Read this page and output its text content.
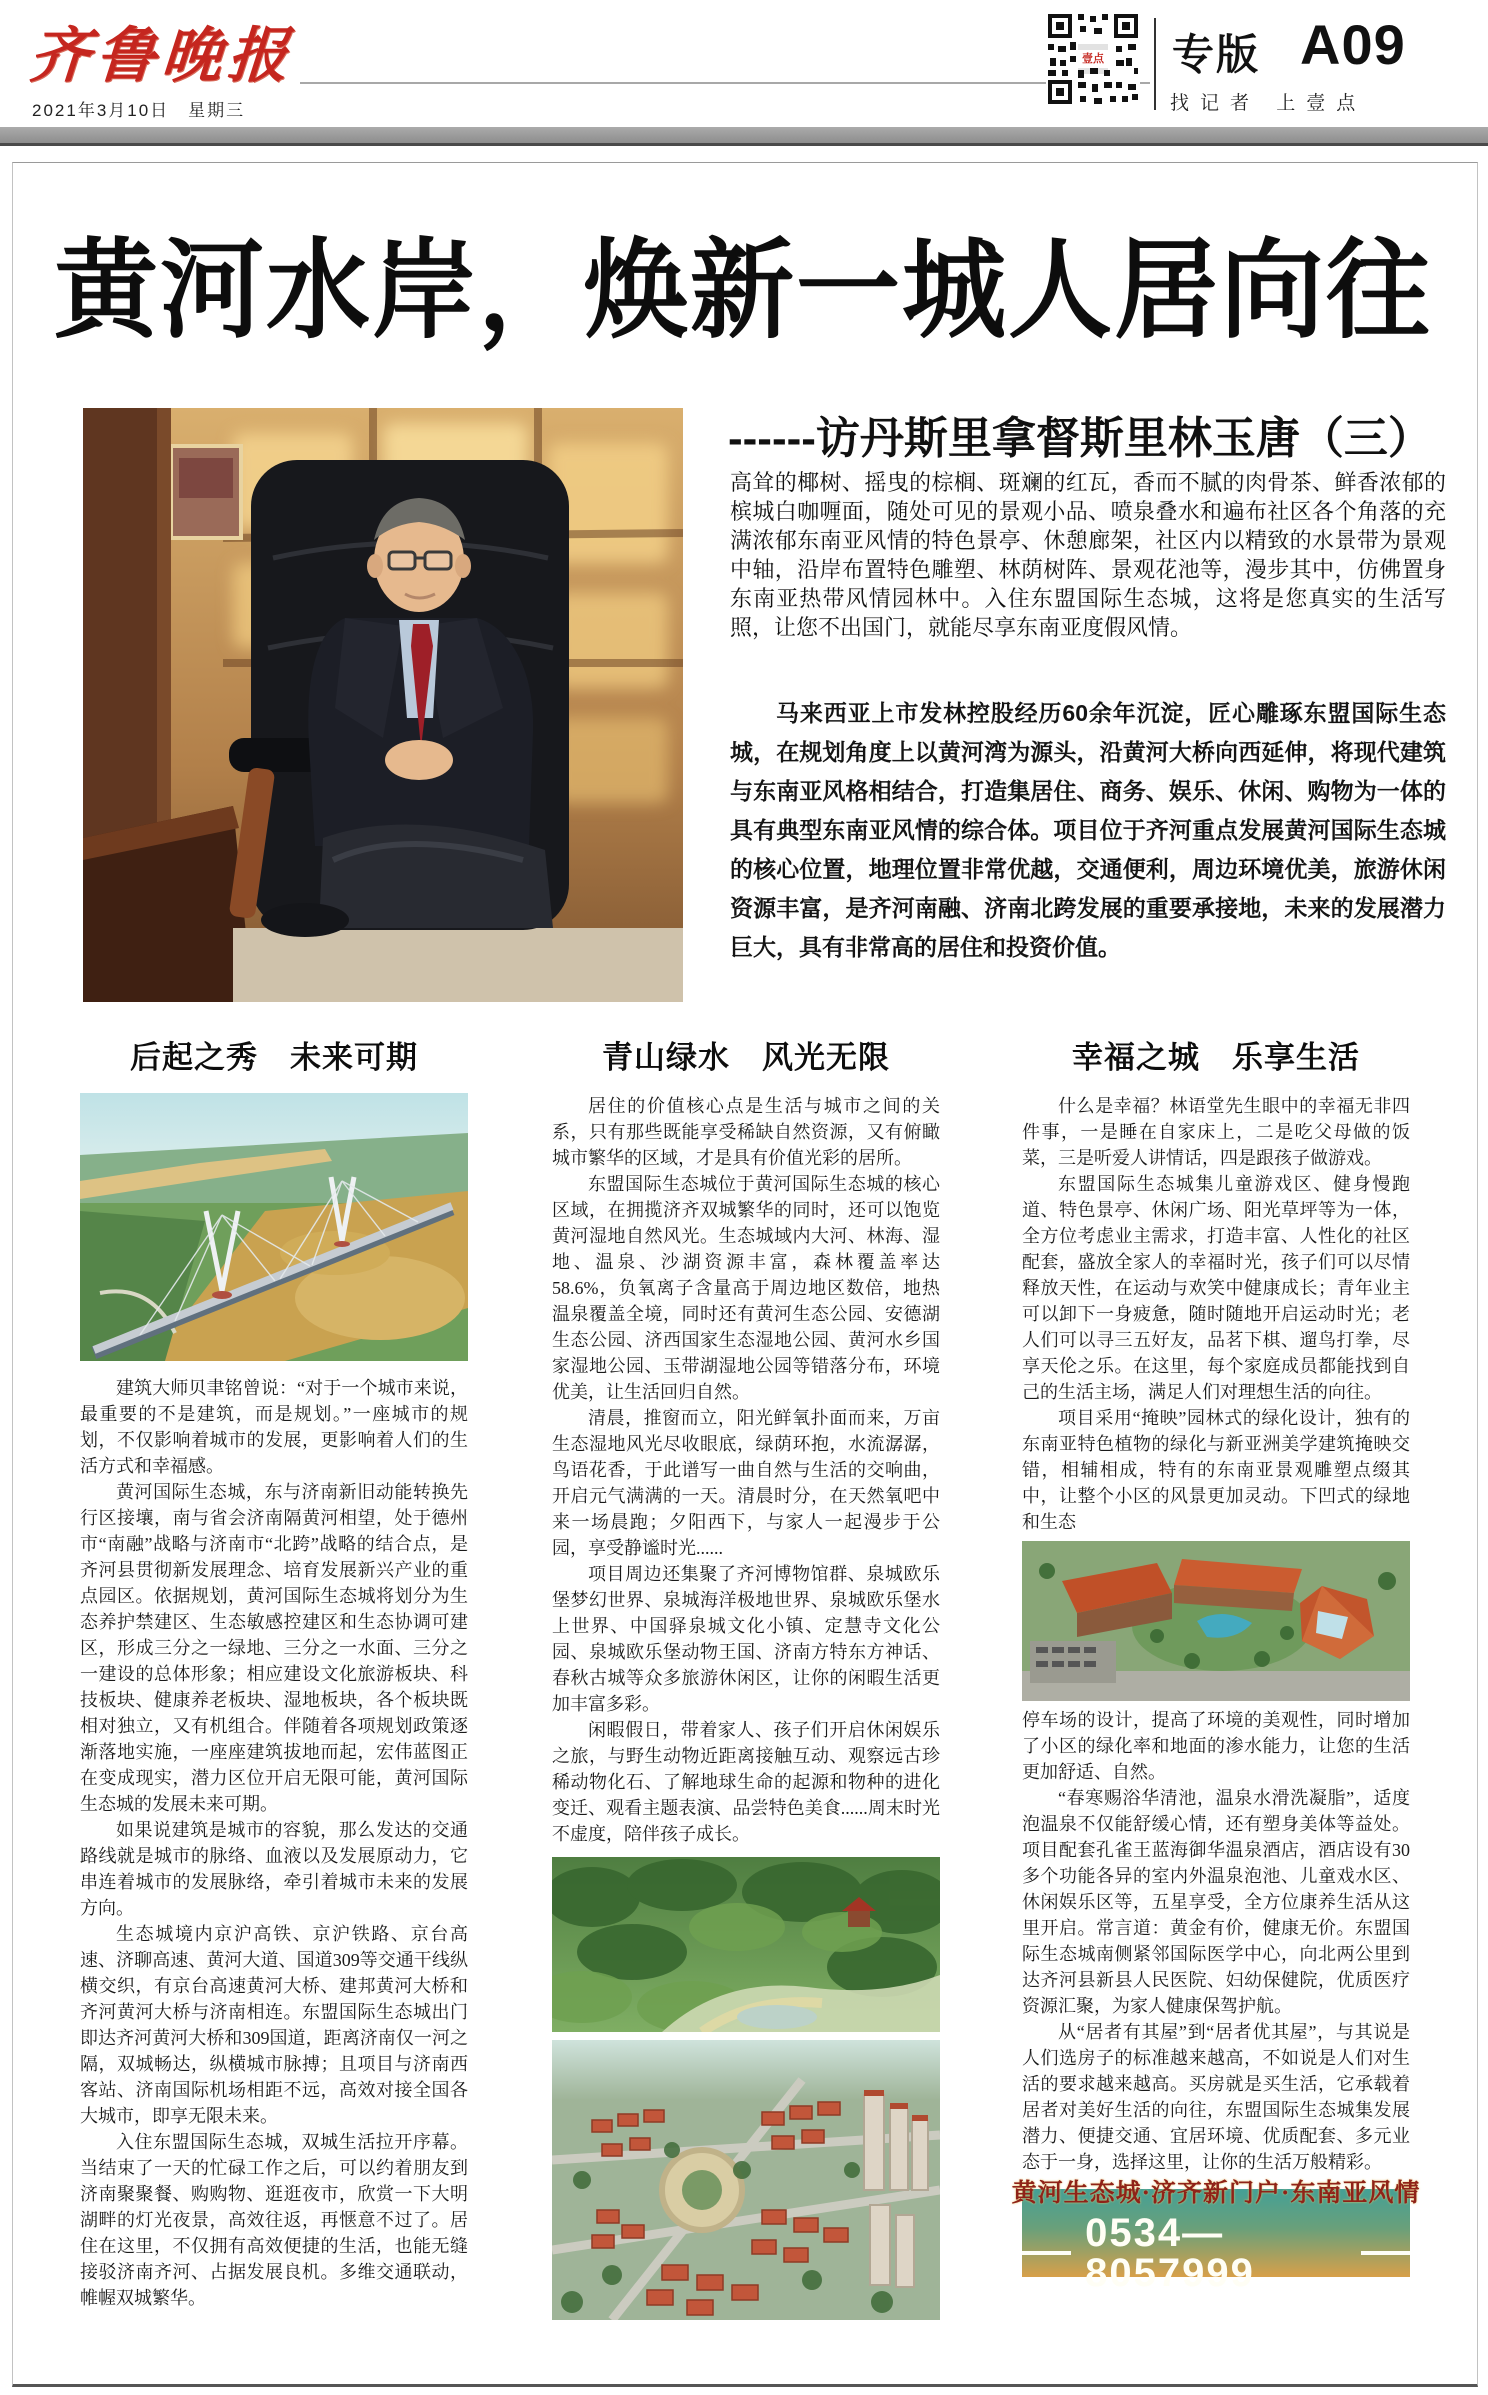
齐鲁晚报
2021年3月10日　星期三
壹点 专版 A09
找记者 上壹点
黄河水岸，焕新一城人居向往
------访丹斯里拿督斯里林玉唐（三）
高耸的椰树、摇曳的棕榈、斑斓的红瓦，香而不腻的肉骨茶、鲜香浓郁的槟城白咖喱面，随处可见的景观小品、喷泉叠水和遍布社区各个角落的充满浓郁东南亚风情的特色景亭、休憩廊架，社区内以精致的水景带为景观中轴，沿岸布置特色雕塑、林荫树阵、景观花池等，漫步其中，仿佛置身东南亚热带风情园林中。入住东盟国际生态城，这将是您真实的生活写照，让您不出国门，就能尽享东南亚度假风情。
马来西亚上市发林控股经历60余年沉淀，匠心雕琢东盟国际生态城，在规划角度上以黄河湾为源头，沿黄河大桥向西延伸，将现代建筑与东南亚风格相结合，打造集居住、商务、娱乐、休闲、购物为一体的具有典型东南亚风情的综合体。项目位于齐河重点发展黄河国际生态城的核心位置，地理位置非常优越，交通便利，周边环境优美，旅游休闲资源丰富，是齐河南融、济南北跨发展的重要承接地，未来的发展潜力巨大，具有非常高的居住和投资价值。
后起之秀　未来可期

建筑大师贝聿铭曾说：“对于一个城市来说，最重要的不是建筑，而是规划。”一座城市的规划，不仅影响着城市的发展，更影响着人们的生活方式和幸福感。

黄河国际生态城，东与济南新旧动能转换先行区接壤，南与省会济南隔黄河相望，处于德州市“南融”战略与济南市“北跨”战略的结合点，是齐河县贯彻新发展理念、培育发展新兴产业的重点园区。依据规划，黄河国际生态城将划分为生态养护禁建区、生态敏感控建区和生态协调可建区，形成三分之一绿地、三分之一水面、三分之一建设的总体形象；相应建设文化旅游板块、科技板块、健康养老板块、湿地板块，各个板块既相对独立，又有机组合。伴随着各项规划政策逐渐落地实施，一座座建筑拔地而起，宏伟蓝图正在变成现实，潜力区位开启无限可能，黄河国际生态城的发展未来可期。

如果说建筑是城市的容貌，那么发达的交通路线就是城市的脉络、血液以及发展原动力，它串连着城市的发展脉络，牵引着城市未来的发展方向。

生态城境内京沪高铁、京沪铁路、京台高速、济聊高速、黄河大道、国道309等交通干线纵横交织，有京台高速黄河大桥、建邦黄河大桥和齐河黄河大桥与济南相连。东盟国际生态城出门即达齐河黄河大桥和309国道，距离济南仅一河之隔，双城畅达，纵横城市脉搏；且项目与济南西客站、济南国际机场相距不远，高效对接全国各大城市，即享无限未来。

入住东盟国际生态城，双城生活拉开序幕。当结束了一天的忙碌工作之后，可以约着朋友到济南聚聚餐、购购物、逛逛夜市，欣赏一下大明湖畔的灯光夜景，高效往返，再惬意不过了。居住在这里，不仅拥有高效便捷的生活，也能无缝接驳济南齐河、占据发展良机。多维交通联动，帷幄双城繁华。

青山绿水　风光无限

居住的价值核心点是生活与城市之间的关系，只有那些既能享受稀缺自然资源，又有俯瞰城市繁华的区域，才是具有价值光彩的居所。

东盟国际生态城位于黄河国际生态城的核心区域，在拥揽济齐双城繁华的同时，还可以饱览黄河湿地自然风光。生态城域内大河、林海、湿地、温泉、沙湖资源丰富，森林覆盖率达58.6%，负氧离子含量高于周边地区数倍，地热温泉覆盖全境，同时还有黄河生态公园、安德湖生态公园、济西国家生态湿地公园、黄河水乡国家湿地公园、玉带湖湿地公园等错落分布，环境优美，让生活回归自然。

清晨，推窗而立，阳光鲜氧扑面而来，万亩生态湿地风光尽收眼底，绿荫环抱，水流潺潺，鸟语花香，于此谱写一曲自然与生活的交响曲，开启元气满满的一天。清晨时分，在天然氧吧中来一场晨跑；夕阳西下，与家人一起漫步于公园，享受静谧时光......

项目周边还集聚了齐河博物馆群、泉城欧乐堡梦幻世界、泉城海洋极地世界、泉城欧乐堡水上世界、中国驿泉城文化小镇、定慧寺文化公园、泉城欧乐堡动物王国、济南方特东方神话、春秋古城等众多旅游休闲区，让你的闲暇生活更加丰富多彩。

闲暇假日，带着家人、孩子们开启休闲娱乐之旅，与野生动物近距离接触互动、观察远古珍稀动物化石、了解地球生命的起源和物种的进化变迁、观看主题表演、品尝特色美食......周末时光不虚度，陪伴孩子成长。

幸福之城　乐享生活

什么是幸福？林语堂先生眼中的幸福无非四件事，一是睡在自家床上，二是吃父母做的饭菜，三是听爱人讲情话，四是跟孩子做游戏。

东盟国际生态城集儿童游戏区、健身慢跑道、特色景亭、休闲广场、阳光草坪等为一体，全方位考虑业主需求，打造丰富、人性化的社区配套，盛放全家人的幸福时光，孩子们可以尽情释放天性，在运动与欢笑中健康成长；青年业主可以卸下一身疲惫，随时随地开启运动时光；老人们可以寻三五好友，品茗下棋、遛鸟打拳，尽享天伦之乐。在这里，每个家庭成员都能找到自己的生活主场，满足人们对理想生活的向往。

项目采用“掩映”园林式的绿化设计，独有的东南亚特色植物的绿化与新亚洲美学建筑掩映交错，相辅相成，特有的东南亚景观雕塑点缀其中，让整个小区的风景更加灵动。下凹式的绿地和生态

停车场的设计，提高了环境的美观性，同时增加了小区的绿化率和地面的渗水能力，让您的生活更加舒适、自然。

“春寒赐浴华清池，温泉水滑洗凝脂”，适度泡温泉不仅能舒缓心情，还有塑身美体等益处。项目配套孔雀王蓝海御华温泉酒店，酒店设有30多个功能各异的室内外温泉泡池、儿童戏水区、休闲娱乐区等，五星享受，全方位康养生活从这里开启。常言道：黄金有价，健康无价。东盟国际生态城南侧紧邻国际医学中心，向北两公里到达齐河县新县人民医院、妇幼保健院，优质医疗资源汇聚，为家人健康保驾护航。

从“居者有其屋”到“居者优其屋”，与其说是人们选房子的标准越来越高，不如说是人们对生活的要求越来越高。买房就是买生活，它承载着居者对美好生活的向往，东盟国际生态城集发展潜力、便捷交通、宜居环境、优质配套、多元业态于一身，选择这里，让你的生活万般精彩。

黄河生态城·济齐新门户·东南亚风情
0534—8057999
